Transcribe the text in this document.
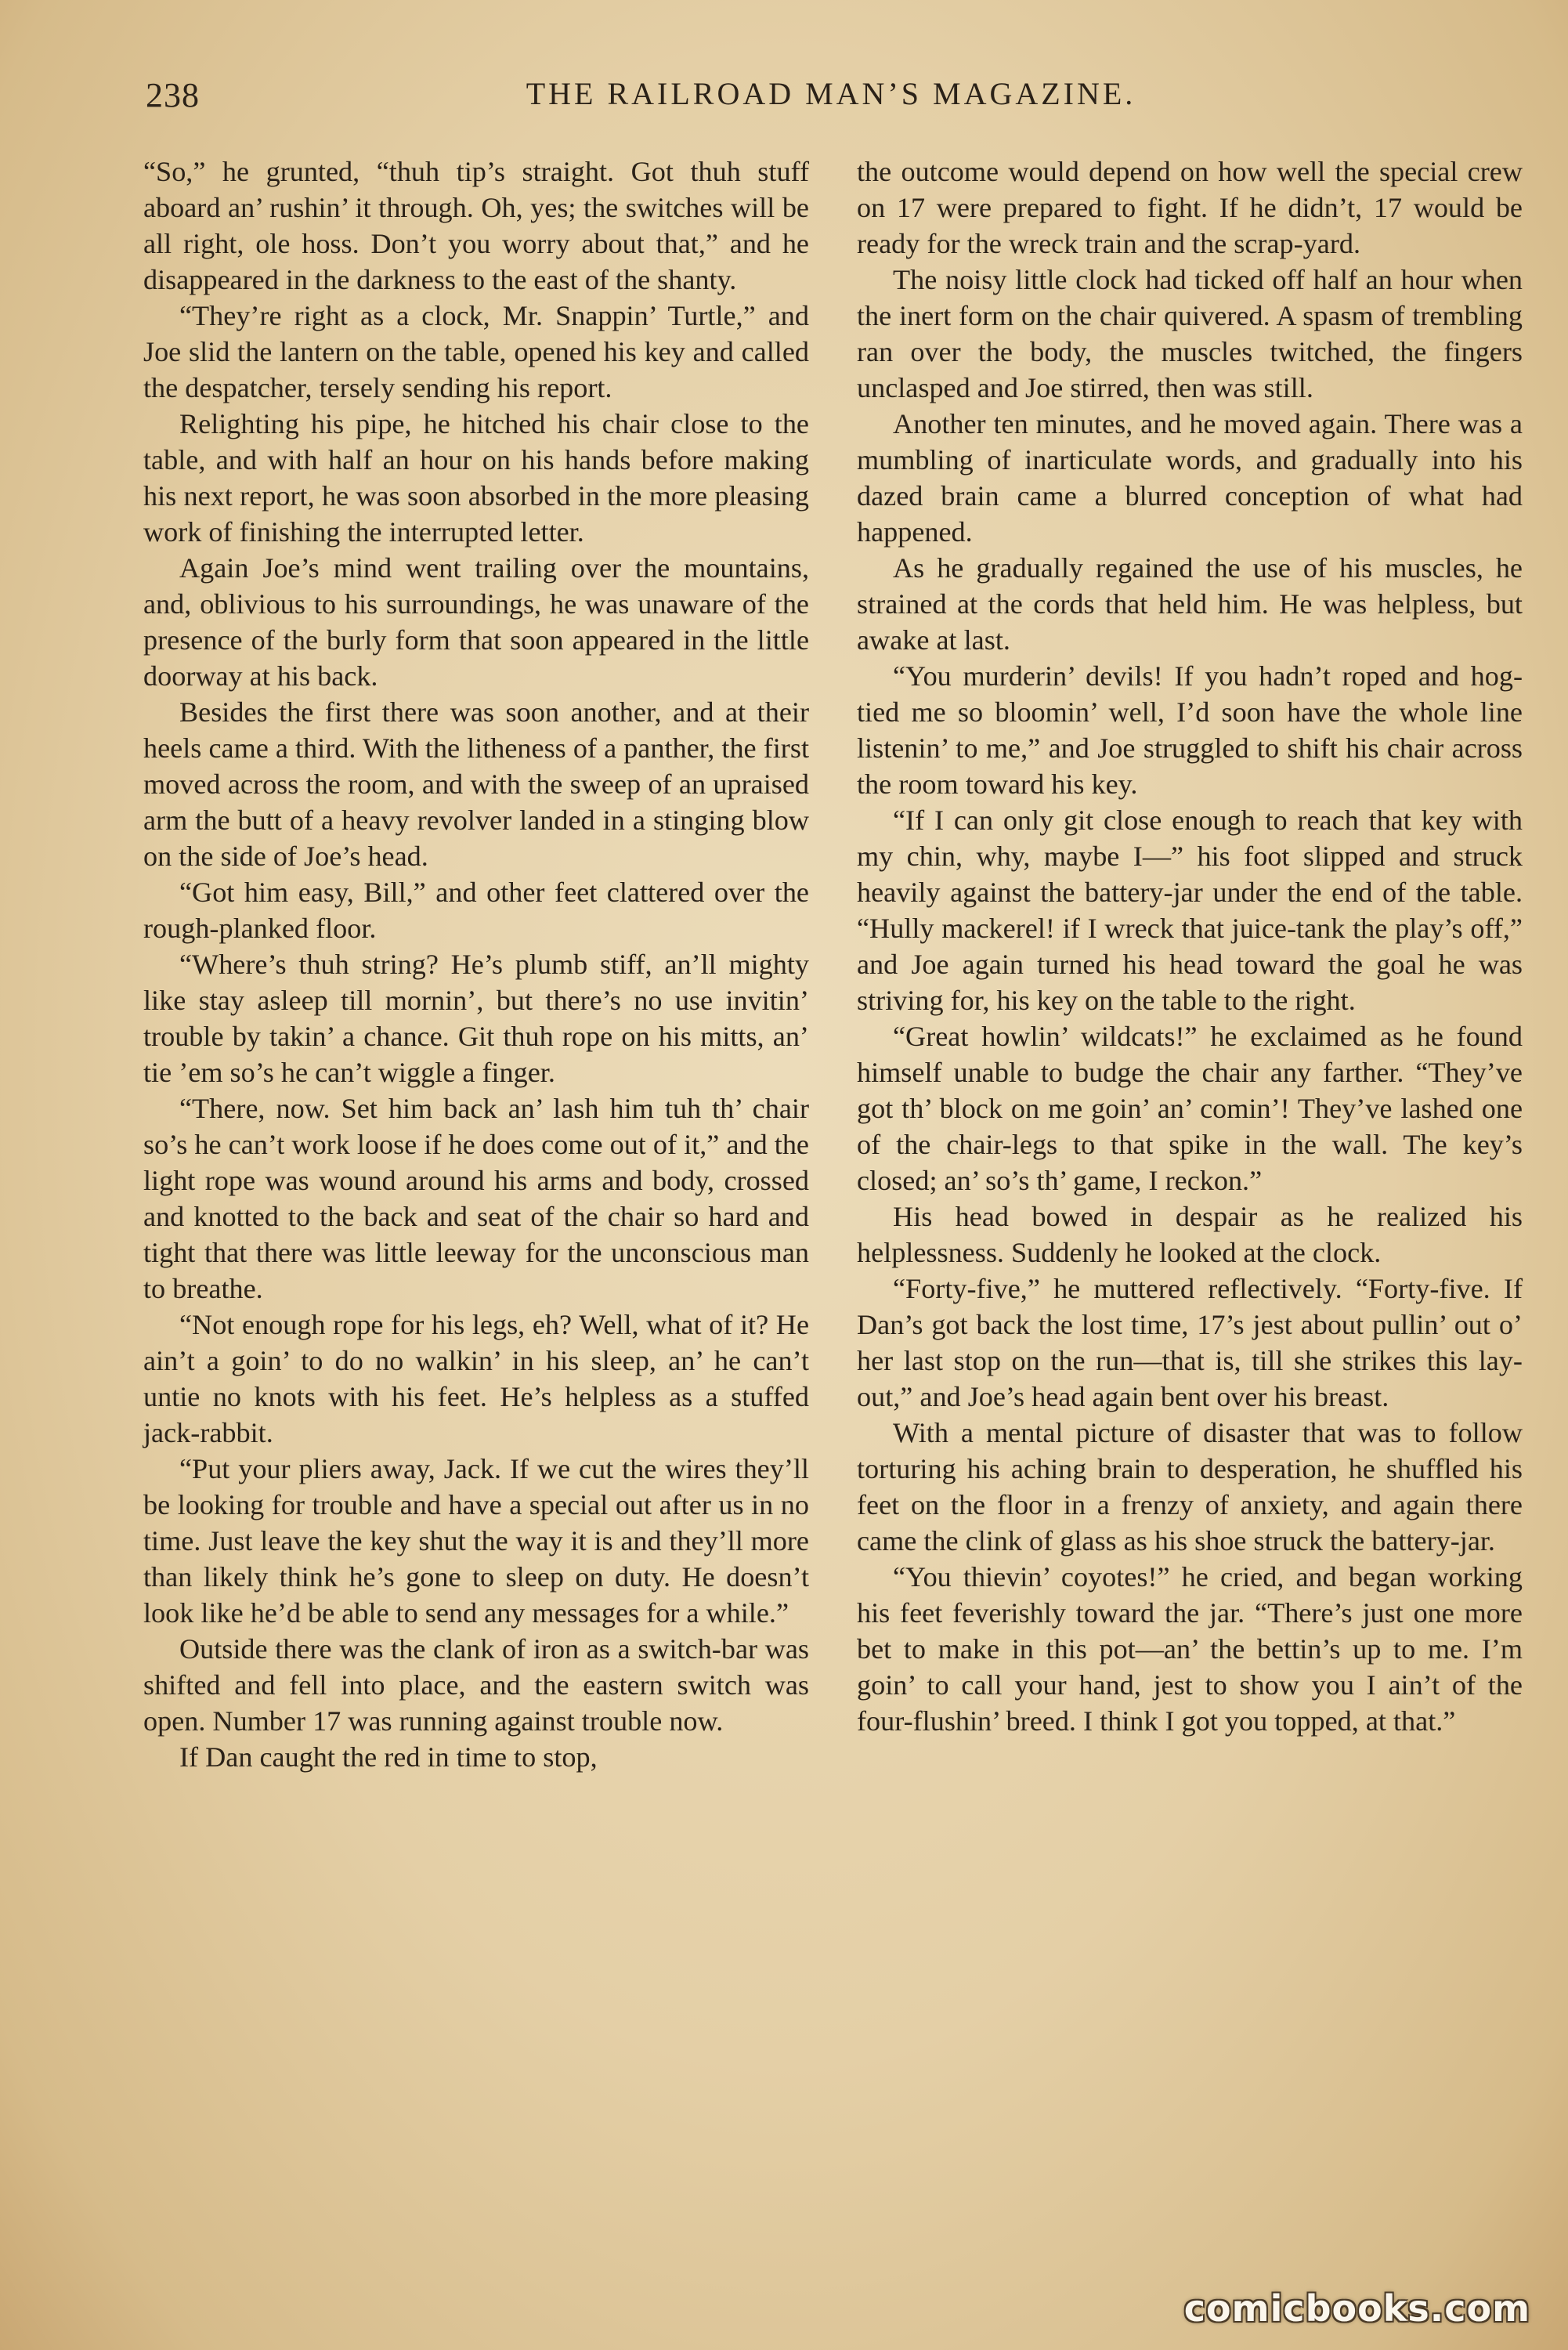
238	THE RAILROAD MAN’S MAGAZINE.

“So,” he grunted, “thuh tip’s straight. Got thuh stuff aboard an’ rushin’ it through. Oh, yes; the switches will be all right, ole hoss. Don’t you worry about that,” and he disappeared in the darkness to the east of the shanty.

“They’re right as a clock, Mr. Snappin’ Turtle,” and Joe slid the lantern on the table, opened his key and called the despatcher, tersely sending his report.

Relighting his pipe, he hitched his chair close to the table, and with half an hour on his hands before making his next report, he was soon absorbed in the more pleasing work of finishing the interrupted letter.

Again Joe’s mind went trailing over the mountains, and, oblivious to his surroundings, he was unaware of the presence of the burly form that soon appeared in the little doorway at his back.

Besides the first there was soon another, and at their heels came a third. With the litheness of a panther, the first moved across the room, and with the sweep of an upraised arm the butt of a heavy revolver landed in a stinging blow on the side of Joe’s head.

“Got him easy, Bill,” and other feet clattered over the rough-planked floor.

“Where’s thuh string? He’s plumb stiff, an’ll mighty like stay asleep till mornin’, but there’s no use invitin’ trouble by takin’ a chance. Git thuh rope on his mitts, an’ tie ’em so’s he can’t wiggle a finger.

“There, now. Set him back an’ lash him tuh th’ chair so’s he can’t work loose if he does come out of it,” and the light rope was wound around his arms and body, crossed and knotted to the back and seat of the chair so hard and tight that there was little leeway for the unconscious man to breathe.

“Not enough rope for his legs, eh? Well, what of it? He ain’t a goin’ to do no walkin’ in his sleep, an’ he can’t untie no knots with his feet. He’s helpless as a stuffed jack-rabbit.

“Put your pliers away, Jack. If we cut the wires they’ll be looking for trouble and have a special out after us in no time. Just leave the key shut the way it is and they’ll more than likely think he’s gone to sleep on duty. He doesn’t look like he’d be able to send any messages for a while.”

Outside there was the clank of iron as a switch-bar was shifted and fell into place, and the eastern switch was open. Number 17 was running against trouble now.

If Dan caught the red in time to stop,

the outcome would depend on how well the special crew on 17 were prepared to fight. If he didn’t, 17 would be ready for the wreck train and the scrap-yard.

The noisy little clock had ticked off half an hour when the inert form on the chair quivered. A spasm of trembling ran over the body, the muscles twitched, the fingers unclasped and Joe stirred, then was still.

Another ten minutes, and he moved again. There was a mumbling of inarticulate words, and gradually into his dazed brain came a blurred conception of what had happened.

As he gradually regained the use of his muscles, he strained at the cords that held him. He was helpless, but awake at last.

“You murderin’ devils! If you hadn’t roped and hog-tied me so bloomin’ well, I’d soon have the whole line listenin’ to me,” and Joe struggled to shift his chair across the room toward his key.

“If I can only git close enough to reach that key with my chin, why, maybe I—” his foot slipped and struck heavily against the battery-jar under the end of the table. “Hully mackerel! if I wreck that juice-tank the play’s off,” and Joe again turned his head toward the goal he was striving for, his key on the table to the right.

“Great howlin’ wildcats!” he exclaimed as he found himself unable to budge the chair any farther. “They’ve got th’ block on me goin’ an’ comin’! They’ve lashed one of the chair-legs to that spike in the wall. The key’s closed; an’ so’s th’ game, I reckon.”

His head bowed in despair as he realized his helplessness. Suddenly he looked at the clock.

“Forty-five,” he muttered reflectively. “Forty-five. If Dan’s got back the lost time, 17’s jest about pullin’ out o’ her last stop on the run—that is, till she strikes this lay-out,” and Joe’s head again bent over his breast.

With a mental picture of disaster that was to follow torturing his aching brain to desperation, he shuffled his feet on the floor in a frenzy of anxiety, and again there came the clink of glass as his shoe struck the battery-jar.

“You thievin’ coyotes!” he cried, and began working his feet feverishly toward the jar. “There’s just one more bet to make in this pot—an’ the bettin’s up to me. I’m goin’ to call your hand, jest to show you I ain’t of the four-flushin’ breed. I think I got you topped, at that.”

comicbooks.com
